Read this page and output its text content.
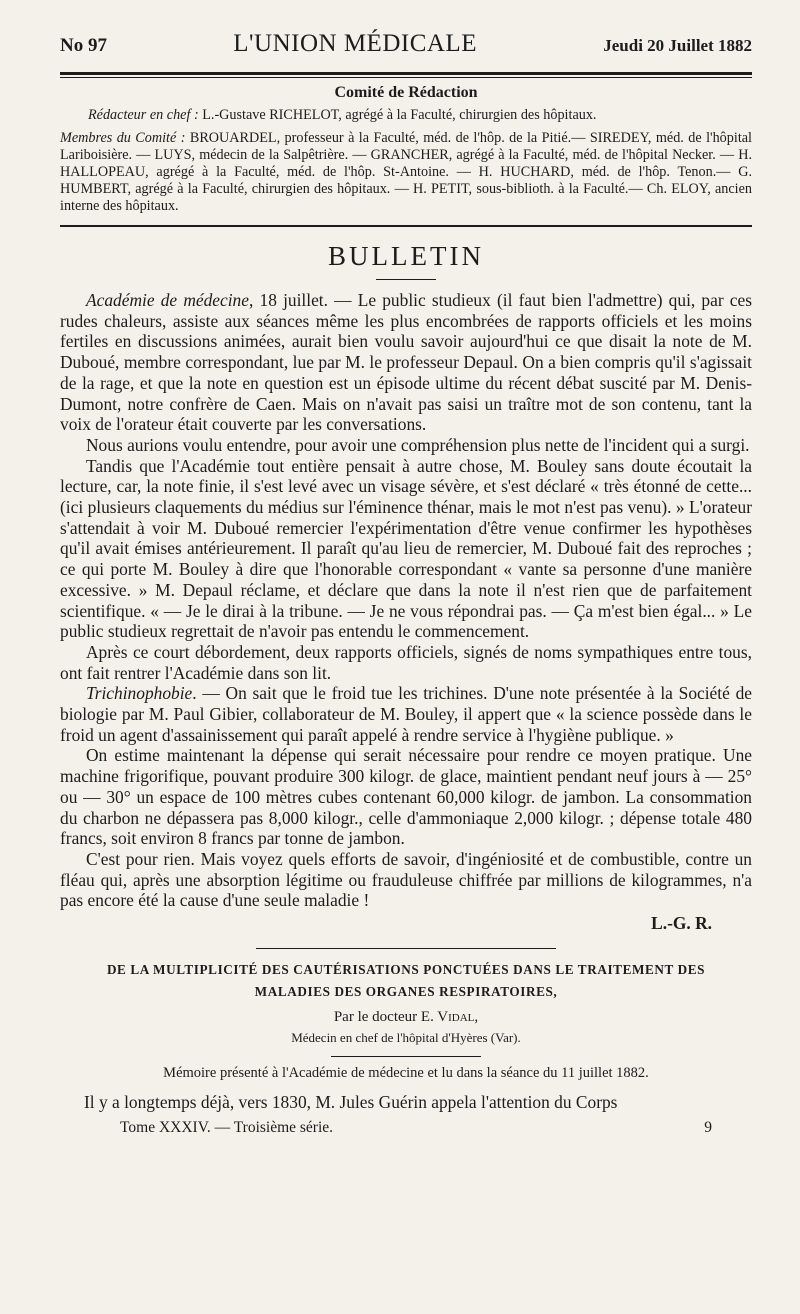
No 97	L'UNION MÉDICALE	Jeudi 20 Juillet 1882
Comité de Rédaction

Rédacteur en chef : L.-Gustave RICHELOT, agrégé à la Faculté, chirurgien des hôpitaux.

Membres du Comité : BROUARDEL, professeur à la Faculté, méd. de l'hôp. de la Pitié.— SIREDEY, méd. de l'hôpital Lariboisière. — LUYS, médecin de la Salpêtrière. — GRANCHER, agrégé à la Faculté, méd. de l'hôpital Necker. — H. HALLOPEAU, agrégé à la Faculté, méd. de l'hôp. St-Antoine. — H. HUCHARD, méd. de l'hôp. Tenon.— G. HUMBERT, agrégé à la Faculté, chirurgien des hôpitaux. — H. PETIT, sous-biblioth. à la Faculté.— Ch. ELOY, ancien interne des hôpitaux.

BULLETIN

Académie de médecine, 18 juillet. — Le public studieux (il faut bien l'admettre) qui, par ces rudes chaleurs, assiste aux séances même les plus encombrées de rapports officiels et les moins fertiles en discussions animées, aurait bien voulu savoir aujourd'hui ce que disait la note de M. Duboué, membre correspondant, lue par M. le professeur Depaul. On a bien compris qu'il s'agissait de la rage, et que la note en question est un épisode ultime du récent débat suscité par M. Denis-Dumont, notre confrère de Caen. Mais on n'avait pas saisi un traître mot de son contenu, tant la voix de l'orateur était couverte par les conversations.

Nous aurions voulu entendre, pour avoir une compréhension plus nette de l'incident qui a surgi.

Tandis que l'Académie tout entière pensait à autre chose, M. Bouley sans doute écoutait la lecture, car, la note finie, il s'est levé avec un visage sévère, et s'est déclaré « très étonné de cette... (ici plusieurs claquements du médius sur l'éminence thénar, mais le mot n'est pas venu). » L'orateur s'attendait à voir M. Duboué remercier l'expérimentation d'être venue confirmer les hypothèses qu'il avait émises antérieurement. Il paraît qu'au lieu de remercier, M. Duboué fait des reproches ; ce qui porte M. Bouley à dire que l'honorable correspondant « vante sa personne d'une manière excessive. » M. Depaul réclame, et déclare que dans la note il n'est rien que de parfaitement scientifique. « — Je le dirai à la tribune. — Je ne vous répondrai pas. — Ça m'est bien égal... » Le public studieux regrettait de n'avoir pas entendu le commencement.

Après ce court débordement, deux rapports officiels, signés de noms sympathiques entre tous, ont fait rentrer l'Académie dans son lit.

Trichinophobie. — On sait que le froid tue les trichines. D'une note présentée à la Société de biologie par M. Paul Gibier, collaborateur de M. Bouley, il appert que « la science possède dans le froid un agent d'assainissement qui paraît appelé à rendre service à l'hygiène publique. »

On estime maintenant la dépense qui serait nécessaire pour rendre ce moyen pratique. Une machine frigorifique, pouvant produire 300 kilogr. de glace, maintient pendant neuf jours à — 25° ou — 30° un espace de 100 mètres cubes contenant 60,000 kilogr. de jambon. La consommation du charbon ne dépassera pas 8,000 kilogr., celle d'ammoniaque 2,000 kilogr. ; dépense totale 480 francs, soit environ 8 francs par tonne de jambon.

C'est pour rien. Mais voyez quels efforts de savoir, d'ingéniosité et de combustible, contre un fléau qui, après une absorption légitime ou frauduleuse chiffrée par millions de kilogrammes, n'a pas encore été la cause d'une seule maladie !

L.-G. R.
DE LA MULTIPLICITÉ DES CAUTÉRISATIONS PONCTUÉES DANS LE TRAITEMENT DES
MALADIES DES ORGANES RESPIRATOIRES,
Par le docteur E. Vidal,
Médecin en chef de l'hôpital d'Hyères (Var).
Mémoire présenté à l'Académie de médecine et lu dans la séance du 11 juillet 1882.
Il y a longtemps déjà, vers 1830, M. Jules Guérin appela l'attention du Corps
Tome XXXIV. — Troisième série.	9
